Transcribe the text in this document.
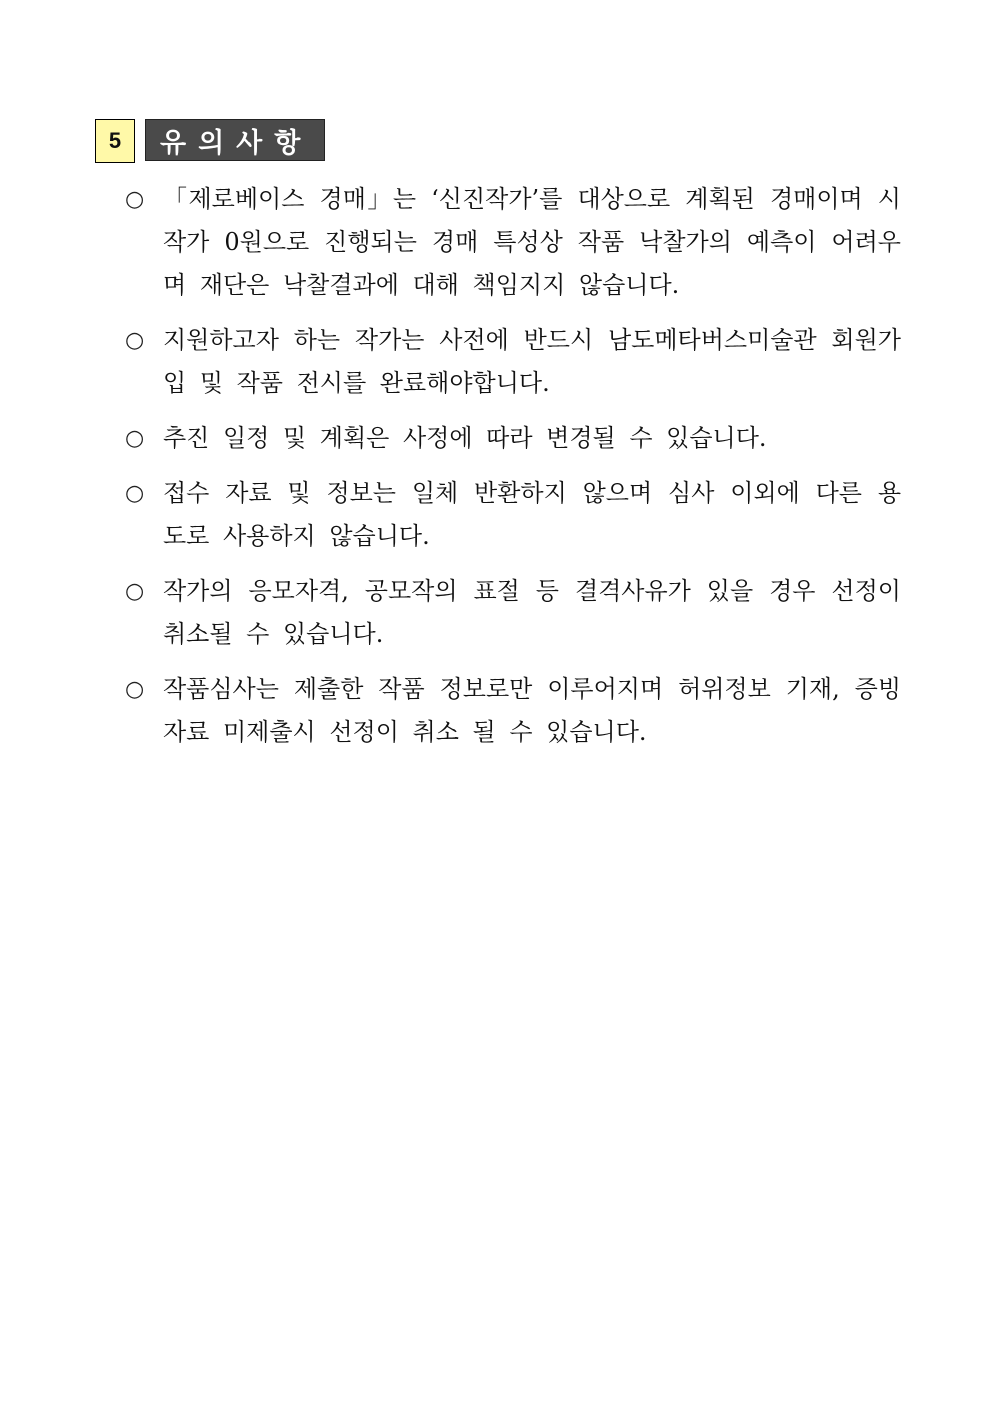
5	유의사항
○ 「제로베이스 경매」는 ‘신진작가’를 대상으로 계획된 경매이며 시작가 0원으로 진행되는 경매 특성상 작품 낙찰가의 예측이 어려우며 재단은 낙찰결과에 대해 책임지지 않습니다.
○ 지원하고자 하는 작가는 사전에 반드시 남도메타버스미술관 회원가입 및 작품 전시를 완료해야합니다.
○ 추진 일정 및 계획은 사정에 따라 변경될 수 있습니다.
○ 접수 자료 및 정보는 일체 반환하지 않으며 심사 이외에 다른 용도로 사용하지 않습니다.
○ 작가의 응모자격, 공모작의 표절 등 결격사유가 있을 경우 선정이 취소될 수 있습니다.
○ 작품심사는 제출한 작품 정보로만 이루어지며 허위정보 기재, 증빙자료 미제출시 선정이 취소 될 수 있습니다.
